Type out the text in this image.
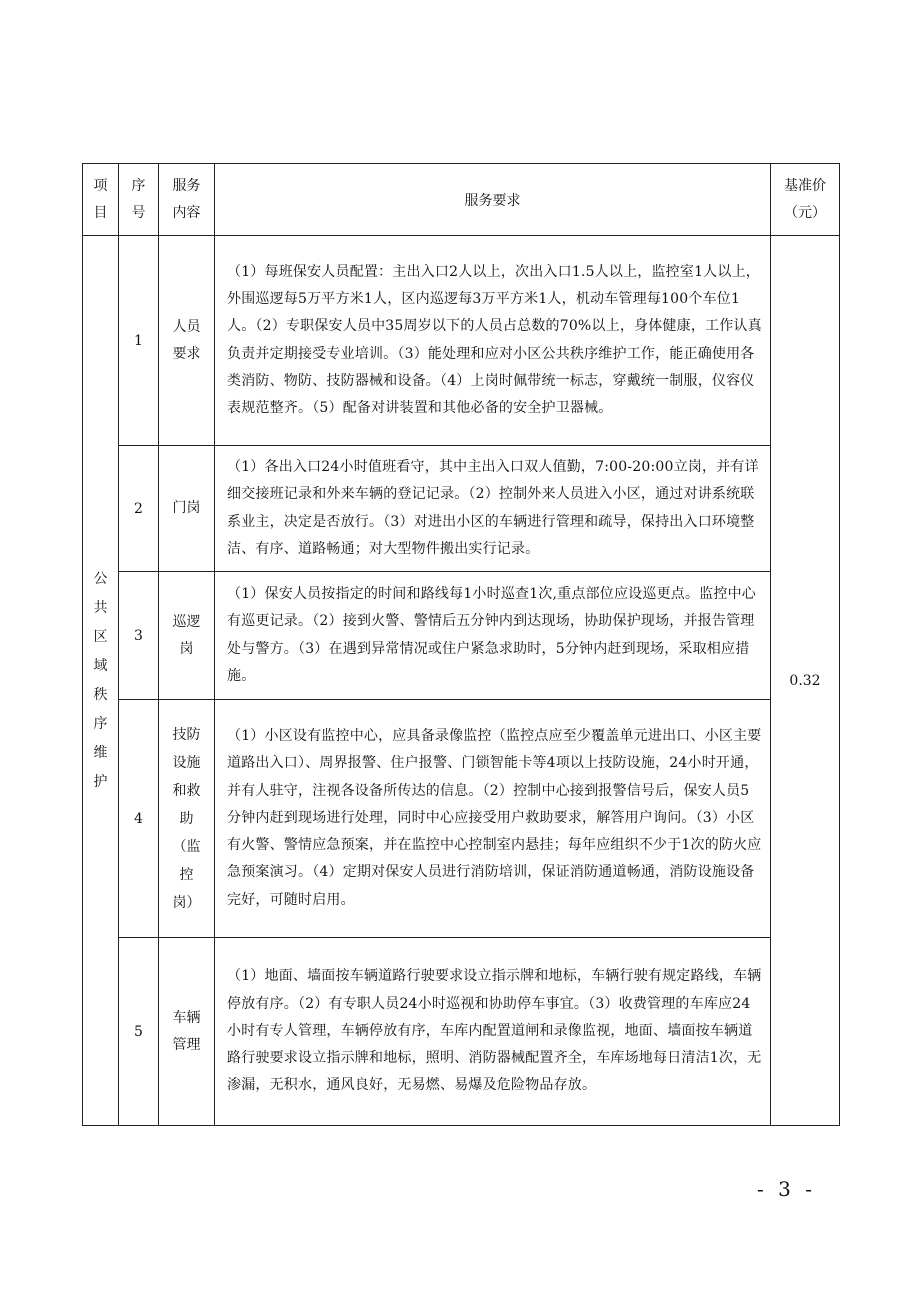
项目	序号	服务内容	服务要求	基准价（元）

公共区域秩序维护	1	人员要求	（1）每班保安人员配置：主出入口2人以上，次出入口1.5人以上，监控室1人以上，外围巡逻每5万平方米1人，区内巡逻每3万平方米1人，机动车管理每100个车位1人。（2）专职保安人员中35周岁以下的人员占总数的70%以上，身体健康，工作认真负责并定期接受专业培训。（3）能处理和应对小区公共秩序维护工作，能正确使用各类消防、物防、技防器械和设备。（4）上岗时佩带统一标志，穿戴统一制服，仪容仪表规范整齐。（5）配备对讲装置和其他必备的安全护卫器械。	0.32
	2	门岗	（1）各出入口24小时值班看守，其中主出入口双人值勤，7:00-20:00立岗，并有详细交接班记录和外来车辆的登记记录。（2）控制外来人员进入小区，通过对讲系统联系业主，决定是否放行。（3）对进出小区的车辆进行管理和疏导，保持出入口环境整洁、有序、道路畅通；对大型物件搬出实行记录。	
	3	巡逻岗	（1）保安人员按指定的时间和路线每1小时巡查1次,重点部位应设巡更点。监控中心有巡更记录。（2）接到火警、警情后五分钟内到达现场，协助保护现场，并报告管理处与警方。（3）在遇到异常情况或住户紧急求助时，5分钟内赶到现场，采取相应措施。	
	4	技防设施和救助（监控岗）	（1）小区设有监控中心，应具备录像监控（监控点应至少覆盖单元进出口、小区主要道路出入口）、周界报警、住户报警、门锁智能卡等4项以上技防设施，24小时开通，并有人驻守，注视各设备所传达的信息。（2）控制中心接到报警信号后，保安人员5分钟内赶到现场进行处理，同时中心应接受用户救助要求，解答用户询问。（3）小区有火警、警情应急预案，并在监控中心控制室内悬挂；每年应组织不少于1次的防火应急预案演习。（4）定期对保安人员进行消防培训，保证消防通道畅通，消防设施设备完好，可随时启用。	
	5	车辆管理	（1）地面、墙面按车辆道路行驶要求设立指示牌和地标，车辆行驶有规定路线，车辆停放有序。（2）有专职人员24小时巡视和协助停车事宜。（3）收费管理的车库应24小时有专人管理，车辆停放有序，车库内配置道闸和录像监视，地面、墙面按车辆道路行驶要求设立指示牌和地标，照明、消防器械配置齐全，车库场地每日清洁1次，无渗漏，无积水，通风良好，无易燃、易爆及危险物品存放。	
- 3 -
